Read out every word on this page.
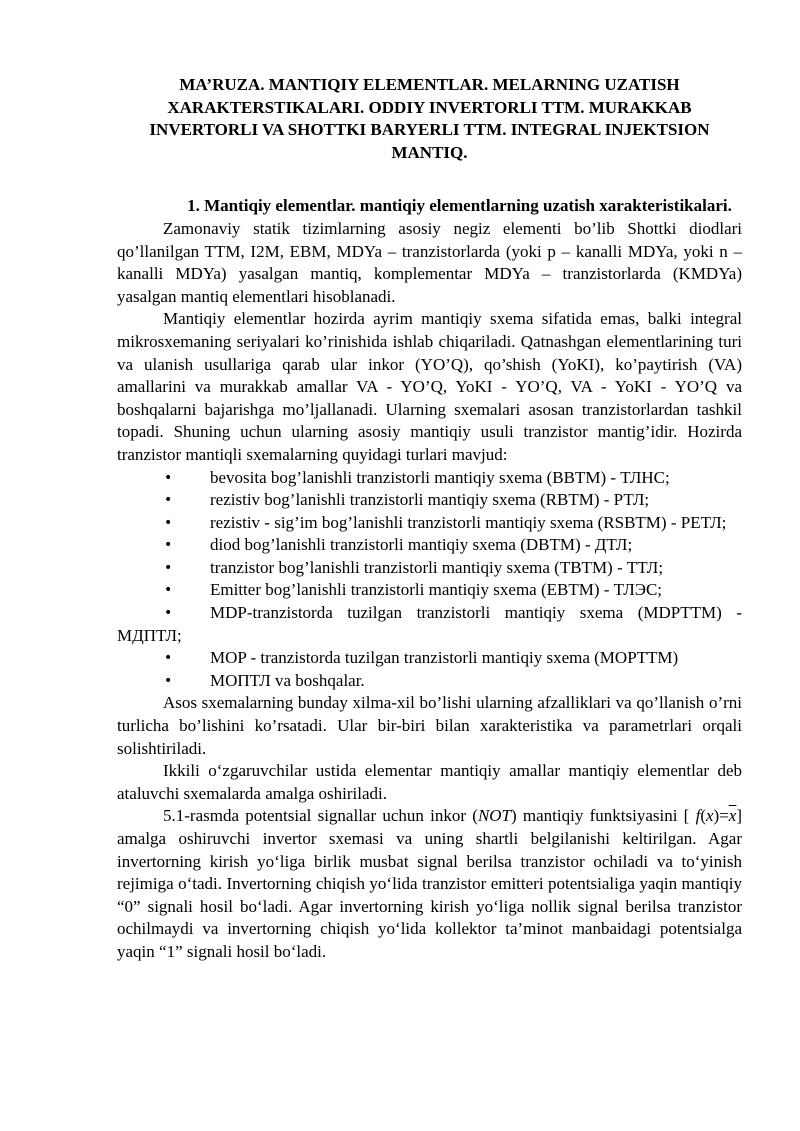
MA’RUZA. MANTIQIY ELEMENTLAR. MELARNING UZATISH XARAKTERSTIKALARI. ODDIY INVERTORLI TTM. MURAKKAB INVERTORLI VA SHOTTKI BARYERLI TTM. INTEGRAL INJEKTSION MANTIQ.
1. Mantiqiy elementlar. mantiqiy elementlarning uzatish xarakteristikalari.

Zamonaviy statik tizimlarning asosiy negiz elementi bo’lib Shottki diodlari qo’llanilgan TTM, I2M, EBM, MDYa – tranzistorlarda (yoki p – kanalli MDYa, yoki n – kanalli MDYa) yasalgan mantiq, komplementar MDYa – tranzistorlarda (KMDYa) yasalgan mantiq elementlari hisoblanadi.

Mantiqiy elementlar hozirda ayrim mantiqiy sxema sifatida emas, balki integral mikrosxemaning seriyalari ko’rinishida ishlab chiqariladi. Qatnashgan elementlarining turi va ulanish usullariga qarab ular inkor (YO’Q), qo’shish (YoKI), ko’paytirish (VA) amallarini va murakkab amallar VA - YO’Q, YoKI - YO’Q, VA - YoKI - YO’Q va boshqalarni bajarishga mo’ljallanadi. Ularning sxemalari asosan tranzistorlardan tashkil topadi. Shuning uchun ularning asosiy mantiqiy usuli tranzistor mantig’idir. Hozirda tranzistor mantiqli sxemalarning quyidagi turlari mavjud:

• bevosita bog’lanishli tranzistorli mantiqiy sxema (BBTM) - ТЛНС;
• rezistiv bog’lanishli tranzistorli mantiqiy sxema (RBTM) - РТЛ;
• rezistiv - sig’im bog’lanishli tranzistorli mantiqiy sxema (RSBTM) - РЕТЛ;
• diod bog’lanishli tranzistorli mantiqiy sxema (DBTM) - ДТЛ;
• tranzistor bog’lanishli tranzistorli mantiqiy sxema (TBTM) - ТТЛ;
• Emitter bog’lanishli tranzistorli mantiqiy sxema (EBTM) - ТЛЭС;
• MDP-tranzistorda tuzilgan tranzistorli mantiqiy sxema (MDPTTM) - МДПТЛ;
• MOP - tranzistorda tuzilgan tranzistorli mantiqiy sxema (MOPTTM)
• МОПТЛ va boshqalar.

Asos sxemalarning bunday xilma-xil bo’lishi ularning afzalliklari va qo’llanish o’rni turlicha bo’lishini ko’rsatadi. Ular bir-biri bilan xarakteristika va parametrlari orqali solishtiriladi.

Ikkili o‘zgaruvchilar ustida elementar mantiqiy amallar mantiqiy elementlar deb ataluvchi sxemalarda amalga oshiriladi.

5.1-rasmda potentsial signallar uchun inkor (NOT) mantiqiy funktsiyasini [ $f(x)=\overline{x}$] amalga oshiruvchi invertor sxemasi va uning shartli belgilanishi keltirilgan. Agar invertorning kirish yo‘liga birlik musbat signal berilsa tranzistor ochiladi va to‘yinish rejimiga o‘tadi. Invertorning chiqish yo‘lida tranzistor emitteri potentsialiga yaqin mantiqiy “0” signali hosil bo‘ladi. Agar invertorning kirish yo‘liga nollik signal berilsa tranzistor ochilmaydi va invertorning chiqish yo‘lida kollektor ta’minot manbaidagi potentsialga yaqin “1” signali hosil bo‘ladi.
